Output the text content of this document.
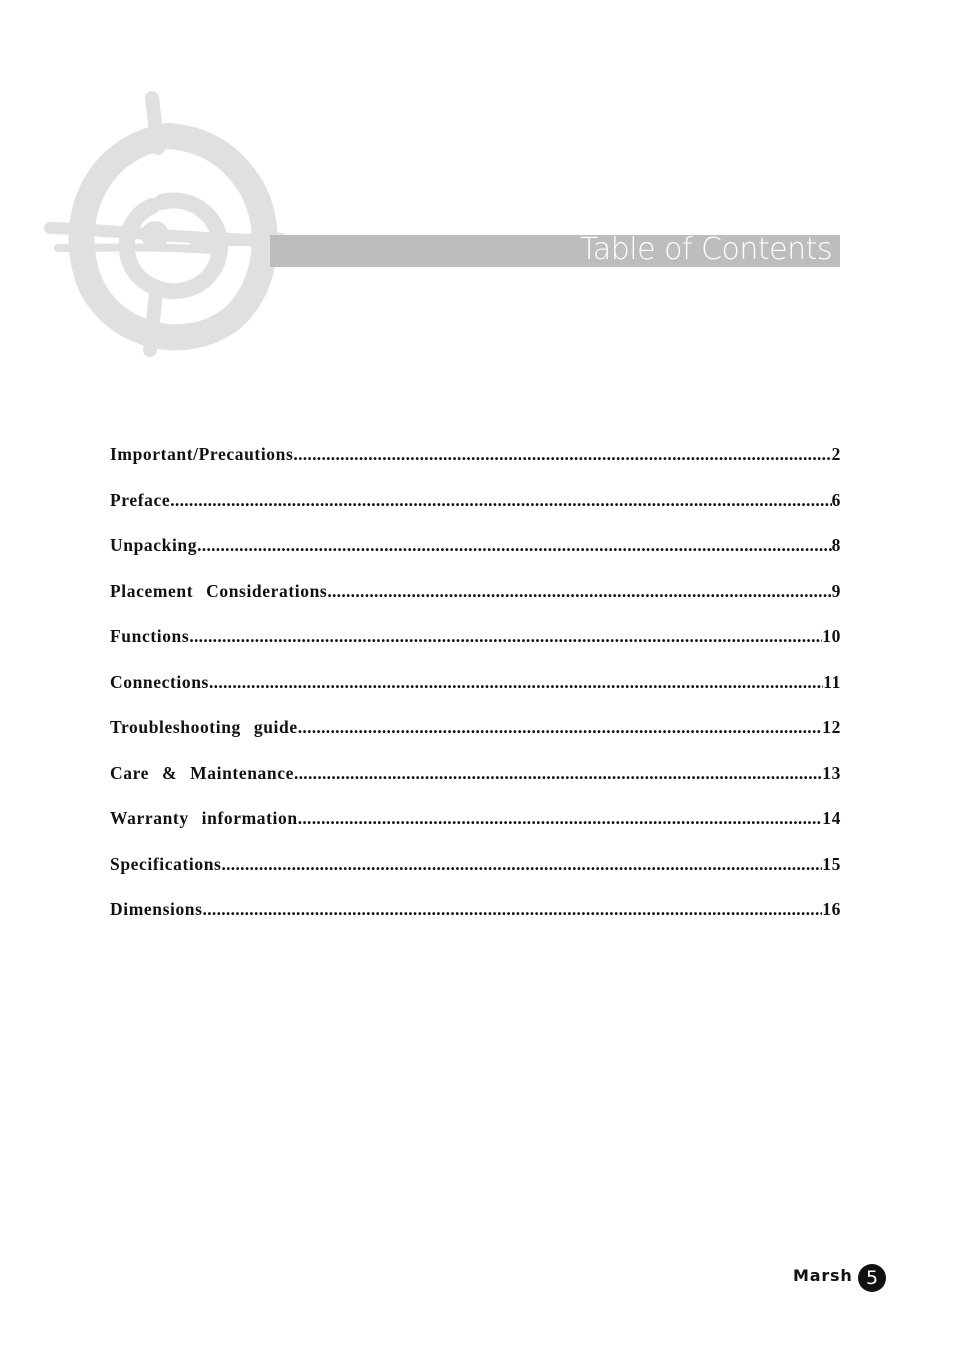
Table of Contents
Important/Precautions .....	2
Preface .....	6
Unpacking .....	8
Placement Considerations .....	9
Functions .....	10
Connections .....	11
Troubleshooting guide .....	12
Care & Maintenance .....	13
Warranty information .....	14
Specifications .....	15
Dimensions .....	16
Marsh 5
